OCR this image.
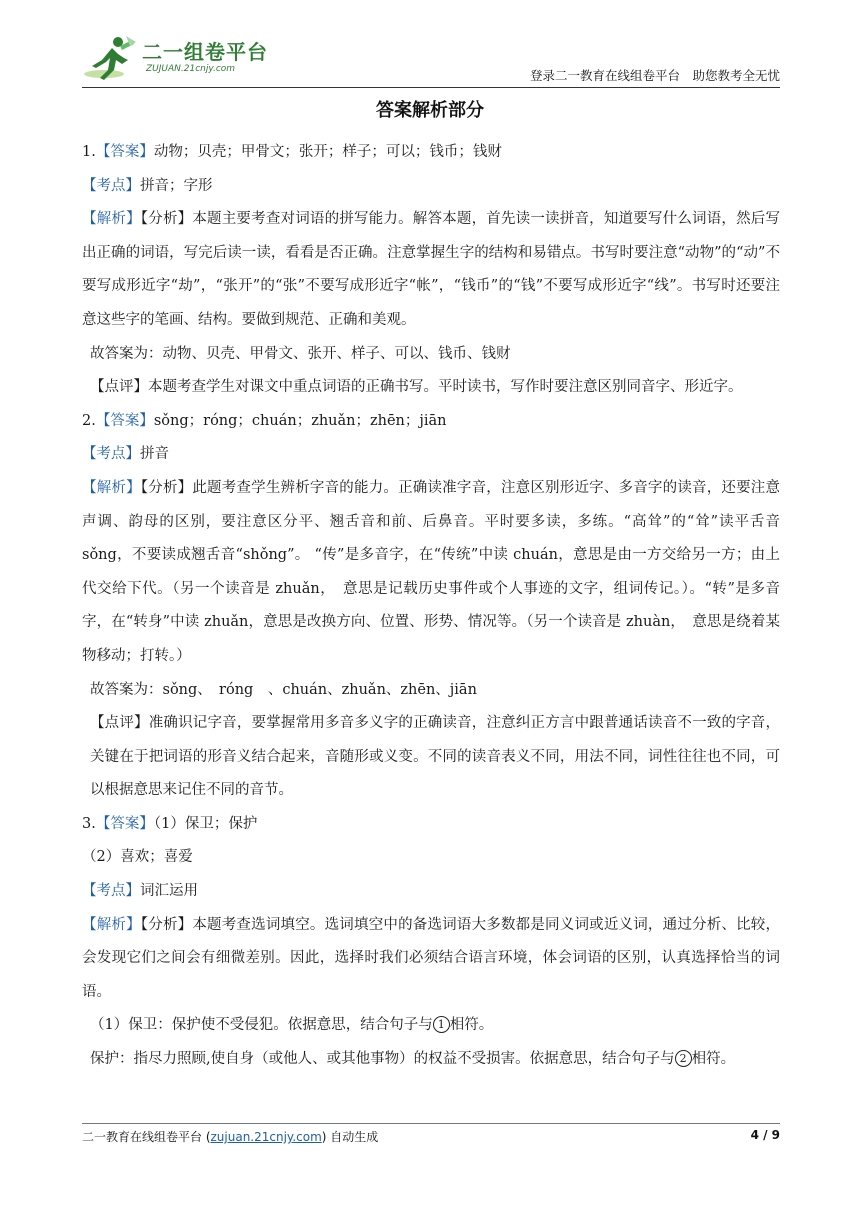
二一组卷平台
ZUJUAN.21cnjy.com	登录二一教育在线组卷平台　助您教考全无忧
答案解析部分

1.【答案】动物；贝壳；甲骨文；张开；样子；可以；钱币；钱财

【考点】拼音；字形

【解析】【分析】本题主要考查对词语的拼写能力。解答本题，首先读一读拼音，知道要写什么词语，然后写出正确的词语，写完后读一读，看看是否正确。注意掌握生字的结构和易错点。书写时要注意“动物”的“动”不要写成形近字“劫”，“张开”的“张”不要写成形近字“帐”，“钱币”的“钱”不要写成形近字“线”。书写时还要注意这些字的笔画、结构。要做到规范、正确和美观。

故答案为：动物、贝壳、甲骨文、张开、样子、可以、钱币、钱财

【点评】本题考查学生对课文中重点词语的正确书写。平时读书，写作时要注意区别同音字、形近字。

2.【答案】sǒng；róng；chuán；zhuǎn；zhēn；jiān

【考点】拼音

【解析】【分析】此题考查学生辨析字音的能力。正确读准字音，注意区别形近字、多音字的读音，还要注意声调、韵母的区别，要注意区分平、翘舌音和前、后鼻音。平时要多读，多练。“高耸”的“耸”读平舌音 sǒng，不要读成翘舌音“shǒng”。 “传”是多音字，在“传统”中读 chuán，意思是由一方交给另一方；由上代交给下代。（另一个读音是 zhuǎn，　意思是记载历史事件或个人事迹的文字，组词传记。）。“转”是多音字，在“转身”中读 zhuǎn，意思是改换方向、位置、形势、情况等。（另一个读音是 zhuàn，　意思是绕着某物移动；打转。）

故答案为：sǒng、　róng　、chuán、zhuǎn、zhēn、jiān

【点评】准确识记字音，要掌握常用多音多义字的正确读音，注意纠正方言中跟普通话读音不一致的字音，关键在于把词语的形音义结合起来，音随形或义变。不同的读音表义不同，用法不同，词性往往也不同，可以根据意思来记住不同的音节。

3.【答案】（1）保卫；保护

（2）喜欢；喜爱

【考点】词汇运用

【解析】【分析】本题考查选词填空。选词填空中的备选词语大多数都是同义词或近义词，通过分析、比较，会发现它们之间会有细微差别。因此，选择时我们必须结合语言环境，体会词语的区别，认真选择恰当的词语。

（1）保卫：保护使不受侵犯。依据意思，结合句子与 1 相符。

保护：指尽力照顾,使自身（或他人、或其他事物）的权益不受损害。依据意思，结合句子与 2 相符。

二一教育在线组卷平台 (zujuan.21cnjy.com) 自动生成	4 / 9
